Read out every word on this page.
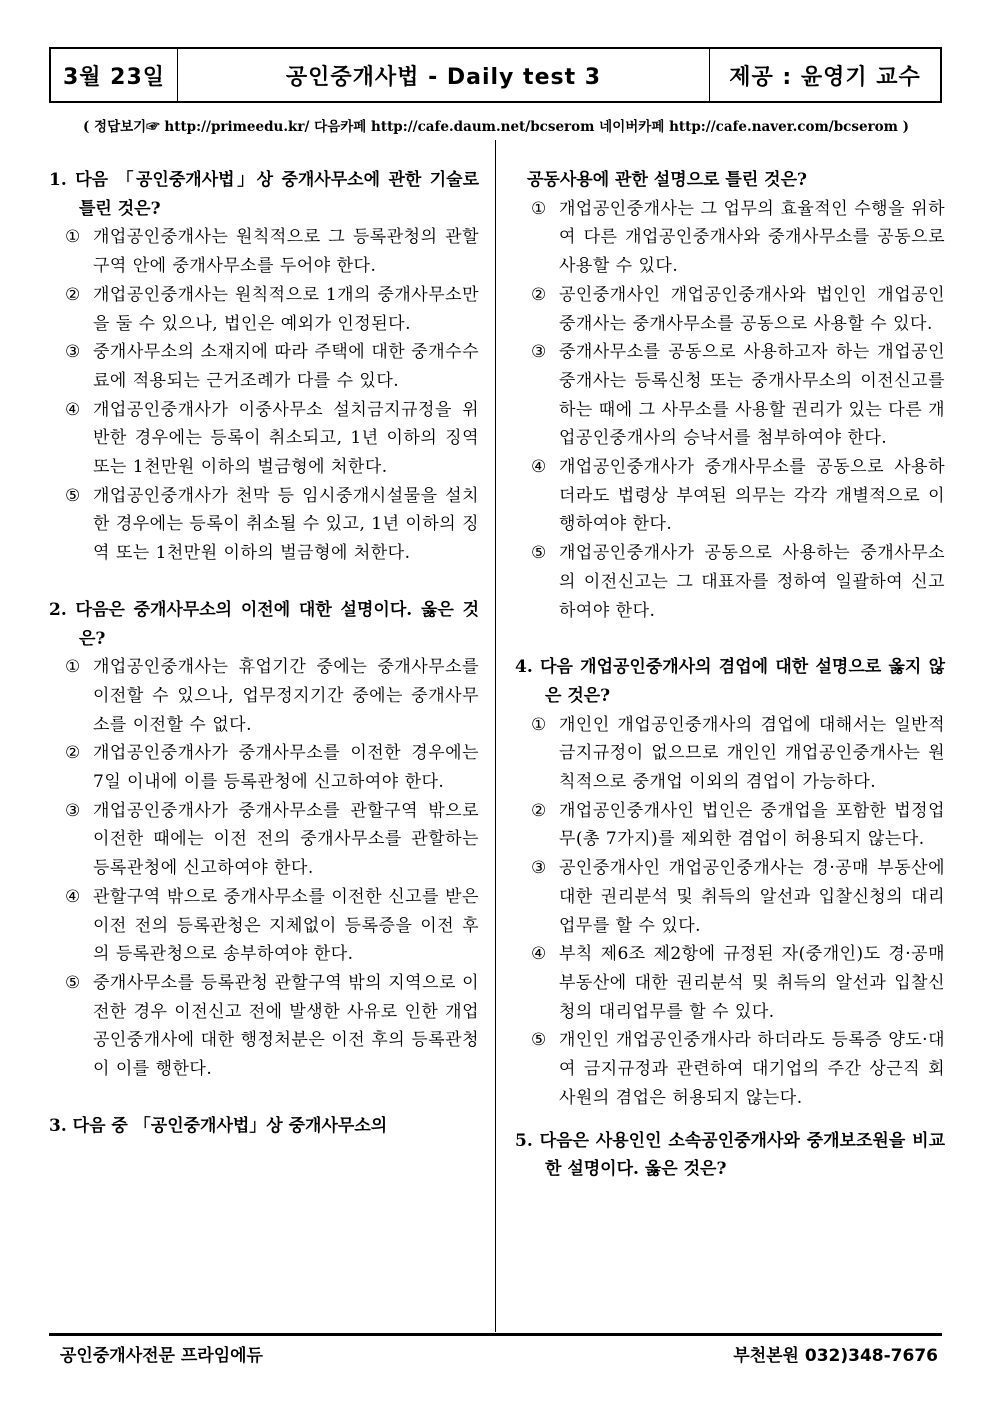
3월 23일	공인중개사법 - Daily test 3	제공 : 윤영기 교수
( 정답보기☞ http://primeedu.kr/ 다음카페 http://cafe.daum.net/bcserom 네이버카페 http://cafe.naver.com/bcserom )
1. 다음 「공인중개사법」상 중개사무소에 관한 기술로 틀린 것은?
① 개업공인중개사는 원칙적으로 그 등록관청의 관할구역 안에 중개사무소를 두어야 한다.
② 개업공인중개사는 원칙적으로 1개의 중개사무소만을 둘 수 있으나, 법인은 예외가 인정된다.
③ 중개사무소의 소재지에 따라 주택에 대한 중개수수료에 적용되는 근거조례가 다를 수 있다.
④ 개업공인중개사가 이중사무소 설치금지규정을 위반한 경우에는 등록이 취소되고, 1년 이하의 징역 또는 1천만원 이하의 벌금형에 처한다.
⑤ 개업공인중개사가 천막 등 임시중개시설물을 설치한 경우에는 등록이 취소될 수 있고, 1년 이하의 징역 또는 1천만원 이하의 벌금형에 처한다.
2. 다음은 중개사무소의 이전에 대한 설명이다. 옳은 것은?
① 개업공인중개사는 휴업기간 중에는 중개사무소를 이전할 수 있으나, 업무정지기간 중에는 중개사무소를 이전할 수 없다.
② 개업공인중개사가 중개사무소를 이전한 경우에는 7일 이내에 이를 등록관청에 신고하여야 한다.
③ 개업공인중개사가 중개사무소를 관할구역 밖으로 이전한 때에는 이전 전의 중개사무소를 관할하는 등록관청에 신고하여야 한다.
④ 관할구역 밖으로 중개사무소를 이전한 신고를 받은 이전 전의 등록관청은 지체없이 등록증을 이전 후의 등록관청으로 송부하여야 한다.
⑤ 중개사무소를 등록관청 관할구역 밖의 지역으로 이전한 경우 이전신고 전에 발생한 사유로 인한 개업공인중개사에 대한 행정처분은 이전 후의 등록관청이 이를 행한다.
3. 다음 중 「공인중개사법」상 중개사무소의
공동사용에 관한 설명으로 틀린 것은?
① 개업공인중개사는 그 업무의 효율적인 수행을 위하여 다른 개업공인중개사와 중개사무소를 공동으로 사용할 수 있다.
② 공인중개사인 개업공인중개사와 법인인 개업공인중개사는 중개사무소를 공동으로 사용할 수 있다.
③ 중개사무소를 공동으로 사용하고자 하는 개업공인중개사는 등록신청 또는 중개사무소의 이전신고를 하는 때에 그 사무소를 사용할 권리가 있는 다른 개업공인중개사의 승낙서를 첨부하여야 한다.
④ 개업공인중개사가 중개사무소를 공동으로 사용하더라도 법령상 부여된 의무는 각각 개별적으로 이행하여야 한다.
⑤ 개업공인중개사가 공동으로 사용하는 중개사무소의 이전신고는 그 대표자를 정하여 일괄하여 신고하여야 한다.
4. 다음 개업공인중개사의 겸업에 대한 설명으로 옳지 않은 것은?
① 개인인 개업공인중개사의 겸업에 대해서는 일반적 금지규정이 없으므로 개인인 개업공인중개사는 원칙적으로 중개업 이외의 겸업이 가능하다.
② 개업공인중개사인 법인은 중개업을 포함한 법정업무(총 7가지)를 제외한 겸업이 허용되지 않는다.
③ 공인중개사인 개업공인중개사는 경·공매 부동산에 대한 권리분석 및 취득의 알선과 입찰신청의 대리업무를 할 수 있다.
④ 부칙 제6조 제2항에 규정된 자(중개인)도 경·공매 부동산에 대한 권리분석 및 취득의 알선과 입찰신청의 대리업무를 할 수 있다.
⑤ 개인인 개업공인중개사라 하더라도 등록증 양도·대여 금지규정과 관련하여 대기업의 주간 상근직 회사원의 겸업은 허용되지 않는다.
5. 다음은 사용인인 소속공인중개사와 중개보조원을 비교한 설명이다. 옳은 것은?
공인중개사전문 프라임에듀	부천본원 032)348-7676
